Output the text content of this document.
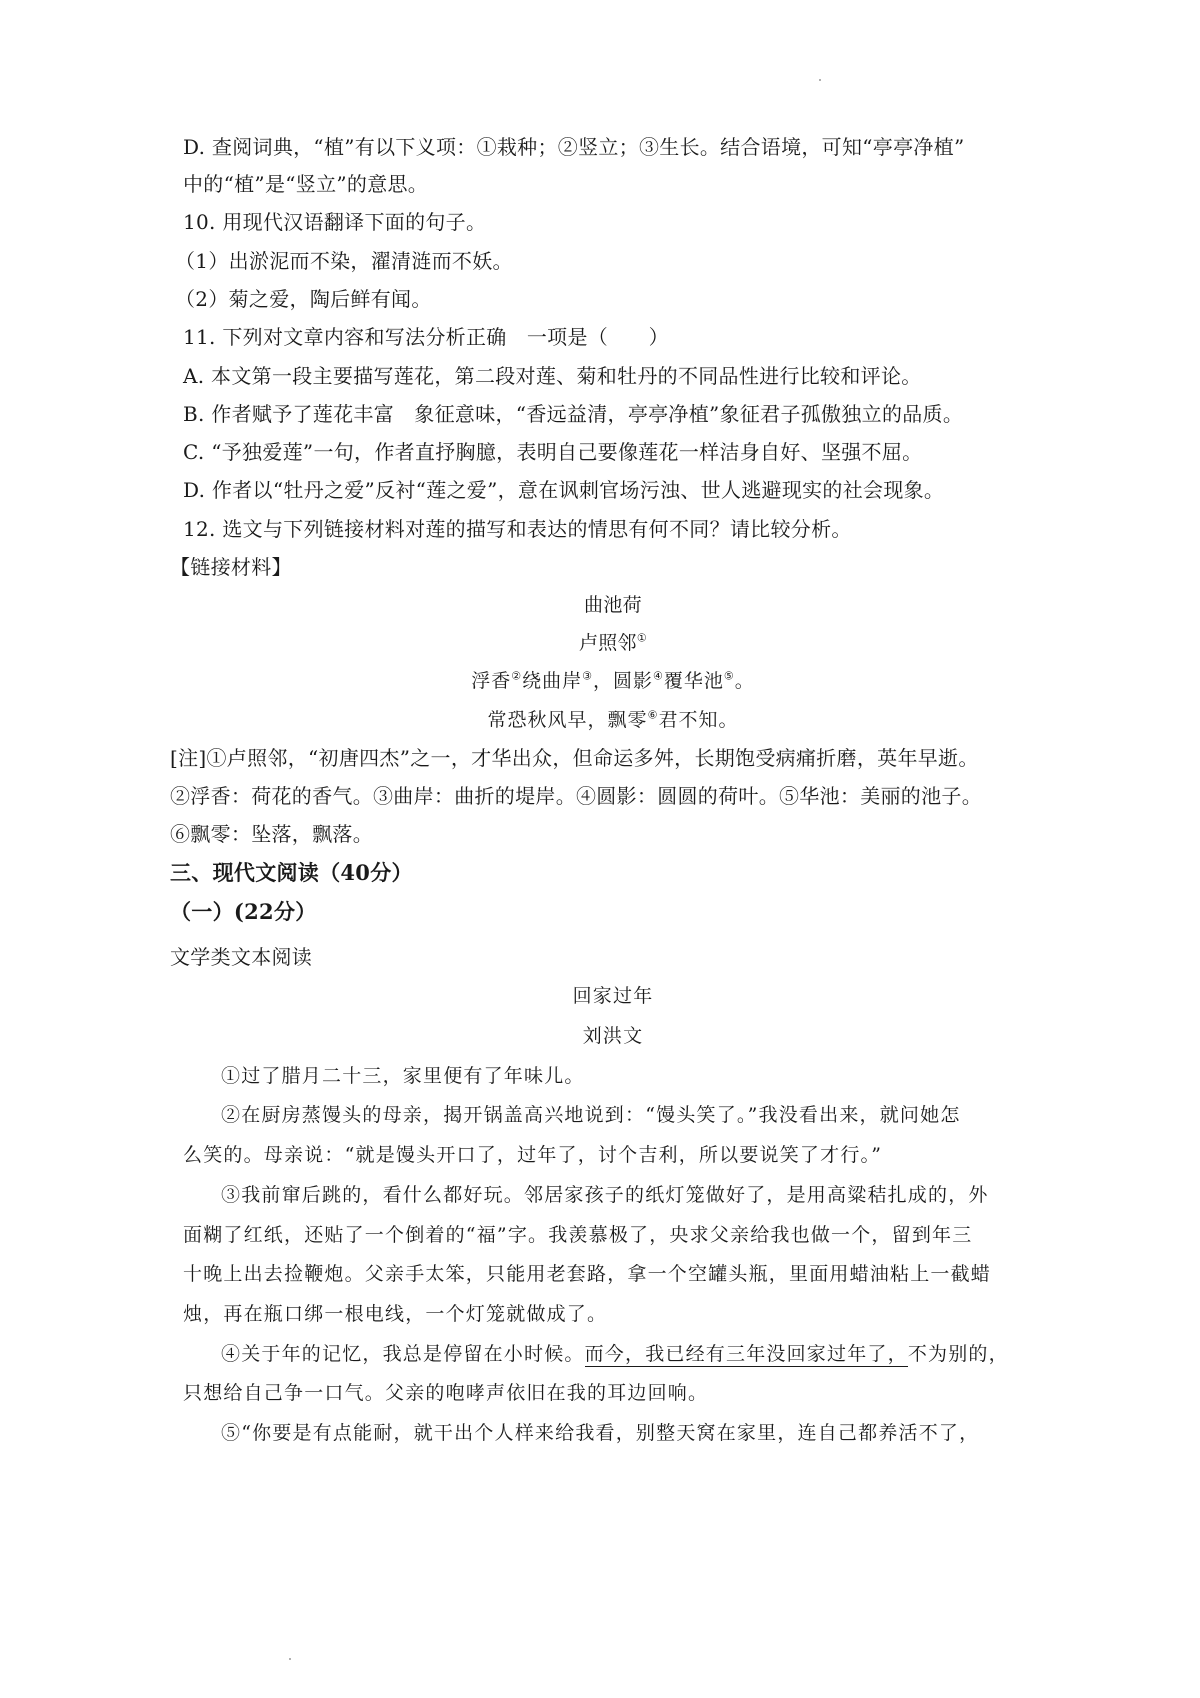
D. 查阅词典，“植”有以下义项：①栽种；②竖立；③生长。结合语境，可知“亭亭净植”
中的“植”是“竖立”的意思。
10. 用现代汉语翻译下面的句子。
（1）出淤泥而不染，濯清涟而不妖。
（2）菊之爱，陶后鲜有闻。
11. 下列对文章内容和写法分析正确　一项是（　　）
A. 本文第一段主要描写莲花，第二段对莲、菊和牡丹的不同品性进行比较和评论。
B. 作者赋予了莲花丰富　象征意味，“香远益清，亭亭净植”象征君子孤傲独立的品质。
C. “予独爱莲”一句，作者直抒胸臆，表明自己要像莲花一样洁身自好、坚强不屈。
D. 作者以“牡丹之爱”反衬“莲之爱”，意在讽刺官场污浊、世人逃避现实的社会现象。
12. 选文与下列链接材料对莲的描写和表达的情思有何不同？请比较分析。
【链接材料】
曲池荷
卢照邻①
浮香②绕曲岸③，圆影④覆华池⑤。
常恐秋风早，飘零⑥君不知。
[注]①卢照邻，“初唐四杰”之一，才华出众，但命运多舛，长期饱受病痛折磨，英年早逝。
②浮香：荷花的香气。③曲岸：曲折的堤岸。④圆影：圆圆的荷叶。⑤华池：美丽的池子。
⑥飘零：坠落，飘落。
三、现代文阅读（40分）
（一）(22分）
文学类文本阅读
回家过年
刘洪文
①过了腊月二十三，家里便有了年味儿。
②在厨房蒸馒头的母亲，揭开锅盖高兴地说到：“馒头笑了。”我没看出来，就问她怎
么笑的。母亲说：“就是馒头开口了，过年了，讨个吉利，所以要说笑了才行。”
③我前窜后跳的，看什么都好玩。邻居家孩子的纸灯笼做好了，是用高粱秸扎成的，外
面糊了红纸，还贴了一个倒着的“福”字。我羡慕极了，央求父亲给我也做一个，留到年三
十晚上出去捡鞭炮。父亲手太笨，只能用老套路，拿一个空罐头瓶，里面用蜡油粘上一截蜡
烛，再在瓶口绑一根电线，一个灯笼就做成了。
④关于年的记忆，我总是停留在小时候。而今，我已经有三年没回家过年了，不为别的，
只想给自己争一口气。父亲的咆哮声依旧在我的耳边回响。
⑤“你要是有点能耐，就干出个人样来给我看，别整天窝在家里，连自己都养活不了，
